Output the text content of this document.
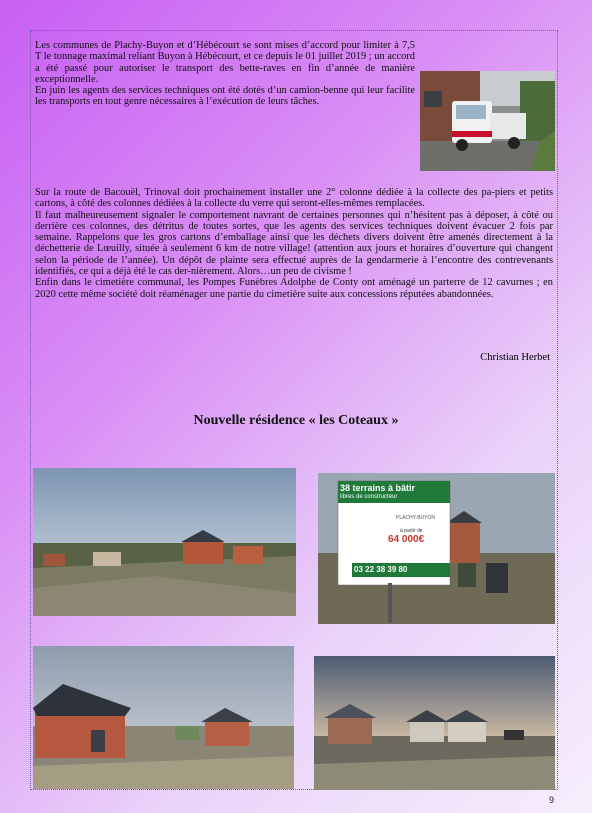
Les communes de Plachy-Buyon et d’Hébécourt se sont mises d’accord pour limiter à 7,5 T le tonnage maximal reliant Buyon à Hébécourt, et ce depuis le 01 juillet 2019 ; un accord a été passé pour autoriser le transport des bette-raves en fin d’année de manière exceptionnelle.

En juin les agents des services techniques ont été dotés d’un camion-benne qui leur facilite les transports en tout genre nécessaires à l’exécution de leurs tâches.

Sur la route de Bacouël, Trinoval doit prochainement installer une 2° colonne dédiée à la collecte des pa-piers et petits cartons, à côté des colonnes dédiées à la collecte du verre qui seront-elles-mêmes remplacées.

Il faut malheureusement signaler le comportement navrant de certaines personnes qui n’hésitent pas à déposer, à côté ou derrière ces colonnes, des détritus de toutes sortes, que les agents des services techniques doivent évacuer 2 fois par semaine. Rappelons que les gros cartons d’emballage ainsi que les déchets divers doivent être amenés directement à la déchetterie de Lœuilly, située à seulement 6 km de notre village! (attention aux jours et horaires d’ouverture qui changent selon la période de l’année). Un dépôt de plainte sera effectué auprès de la gendarmerie à l’encontre des contrevenants identifiés, ce qui a déjà été le cas der-nièrement. Alors…un peu de civisme !

Enfin dans le cimetière communal, les Pompes Funèbres Adolphe de Conty ont aménagé un parterre de 12 cavurnes ; en 2020 cette même société doit réaménager une partie du cimetière suite aux concessions réputées abandonnées.

Christian Herbet
Nouvelle résidence « les Coteaux »
38 terrains à bâtir
libres de constructeur
PLACHY-BUYON
à partir de
64 000€
03 22 38 39 80
9
